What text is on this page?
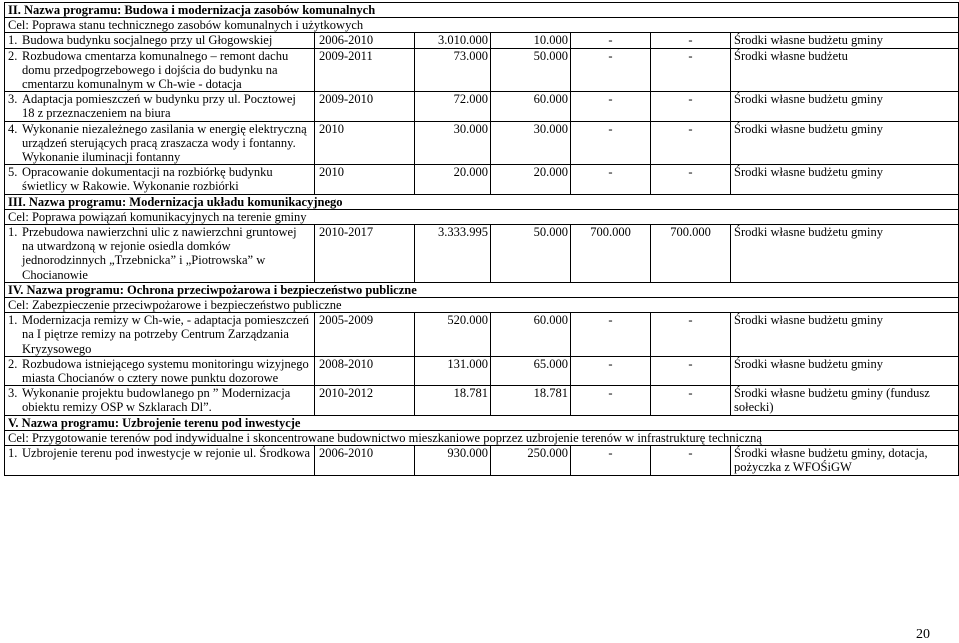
II. Nazwa programu: Budowa i modernizacja zasobów komunalnych						
Cel: Poprawa stanu technicznego zasobów komunalnych i użytkowych						

1. Budowa budynku socjalnego przy ul Głogowskiej	2006-2010	3.010.000	10.000	-	-	Środki własne budżetu gminy

2. Rozbudowa cmentarza komunalnego – remont dachu domu przedpogrzebowego i dojścia do budynku na cmentarzu komunalnym w Ch-wie - dotacja	2009-2011	73.000	50.000	-	-	Środki własne budżetu

3. Adaptacja pomieszczeń w budynku przy ul. Pocztowej 18 z przeznaczeniem na biura	2009-2010	72.000	60.000	-	-	Środki własne budżetu gminy

4. Wykonanie niezależnego zasilania w energię elektryczną urządzeń sterujących pracą zraszacza wody i fontanny. Wykonanie iluminacji fontanny	2010	30.000	30.000	-	-	Środki własne budżetu gminy

5. Opracowanie dokumentacji na rozbiórkę budynku świetlicy w Rakowie. Wykonanie rozbiórki	2010	20.000	20.000	-	-	Środki własne budżetu gminy
III. Nazwa programu: Modernizacja układu komunikacyjnego						
Cel: Poprawa powiązań komunikacyjnych na terenie gminy						

1. Przebudowa nawierzchni ulic z nawierzchni gruntowej na utwardzoną w rejonie osiedla domków jednorodzinnych „Trzebnicka” i „Piotrowska” w Chocianowie	2010-2017	3.333.995	50.000	700.000	700.000	Środki własne budżetu gminy
IV. Nazwa programu: Ochrona przeciwpożarowa i bezpieczeństwo publiczne						
Cel: Zabezpieczenie przeciwpożarowe i bezpieczeństwo publiczne						

1. Modernizacja remizy w Ch-wie, - adaptacja pomieszczeń na I piętrze remizy na potrzeby Centrum Zarządzania Kryzysowego	2005-2009	520.000	60.000	-	-	Środki własne budżetu gminy

2. Rozbudowa istniejącego systemu monitoringu wizyjnego miasta Chocianów o cztery nowe punktu dozorowe	2008-2010	131.000	65.000	-	-	Środki własne budżetu gminy

3. Wykonanie projektu budowlanego pn ” Modernizacja obiektu remizy OSP w Szklarach Dl”.	2010-2012	18.781	18.781	-	-	Środki własne budżetu gminy (fundusz sołecki)
V. Nazwa programu: Uzbrojenie terenu pod inwestycje						
Cel: Przygotowanie terenów pod indywidualne i skoncentrowane budownictwo mieszkaniowe poprzez uzbrojenie terenów w infrastrukturę techniczną						

1. Uzbrojenie terenu pod inwestycje w rejonie ul. Środkowa	2006-2010	930.000	250.000	-	-	Środki własne budżetu gminy, dotacja, pożyczka z WFOŚiGW
20
